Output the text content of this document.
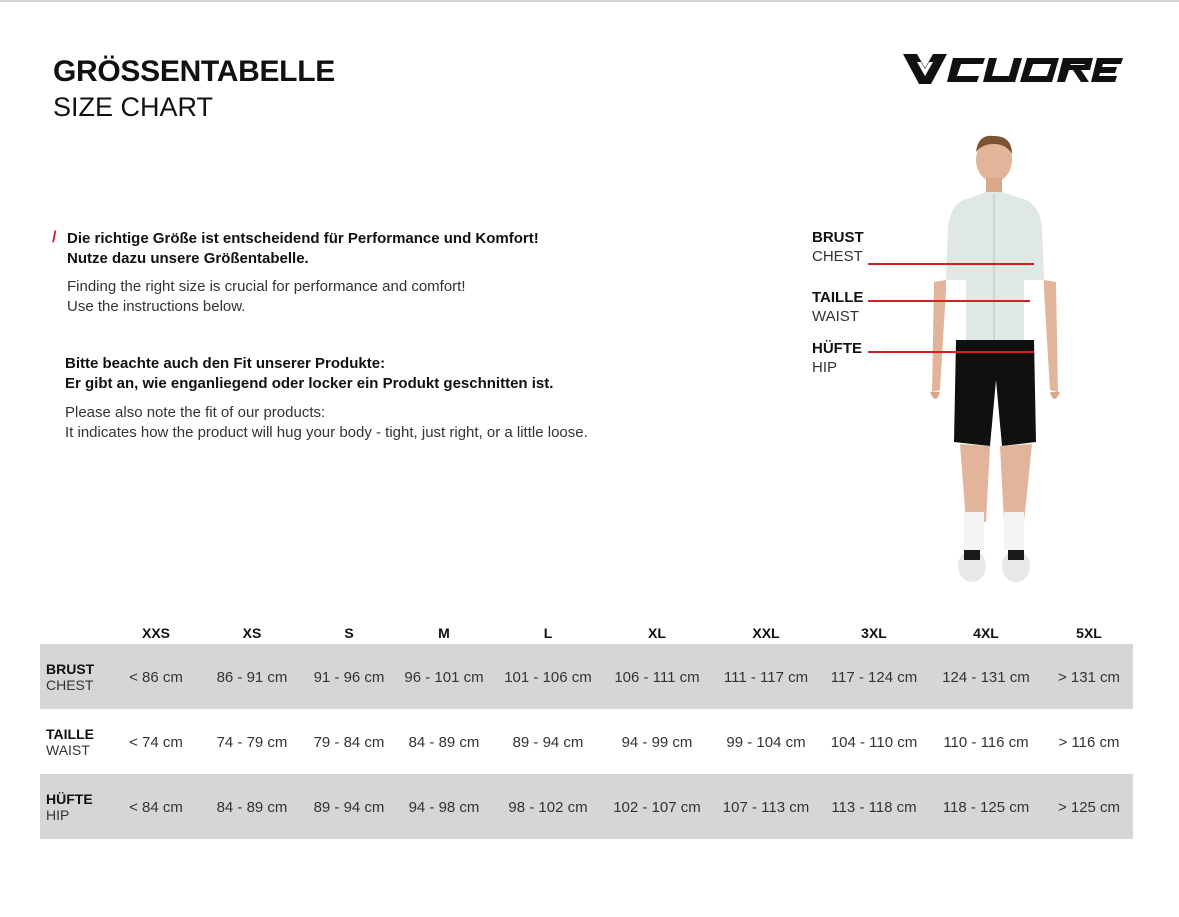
GRÖSSENTABELLE
SIZE CHART
/ Die richtige Größe ist entscheidend für Performance und Komfort!
Nutze dazu unsere Größentabelle.
Finding the right size is crucial for performance and comfort!
Use the instructions below.
Bitte beachte auch den Fit unserer Produkte:
Er gibt an, wie enganliegend oder locker ein Produkt geschnitten ist.
Please also note the fit of our products:
It indicates how the product will hug your body - tight, just right, or a little loose.
BRUST
CHEST
TAILLE
WAIST
HÜFTE
HIP
XXS	XS	S	M	L	XL	XXL	3XL	4XL	5XL
BRUST
CHEST	< 86 cm	86 - 91 cm	91 - 96 cm	96 - 101 cm	101 - 106 cm	106 - 111 cm	111 - 117 cm	117 - 124 cm	124 - 131 cm	> 131 cm
TAILLE
WAIST	< 74 cm	74 - 79 cm	79 - 84 cm	84 - 89 cm	89 - 94 cm	94 - 99 cm	99 - 104 cm	104 - 110 cm	110 - 116 cm	> 116 cm
HÜFTE
HIP	< 84 cm	84 - 89 cm	89 - 94 cm	94 - 98 cm	98 - 102 cm	102 - 107 cm	107 - 113 cm	113 - 118 cm	118 - 125 cm	> 125 cm
